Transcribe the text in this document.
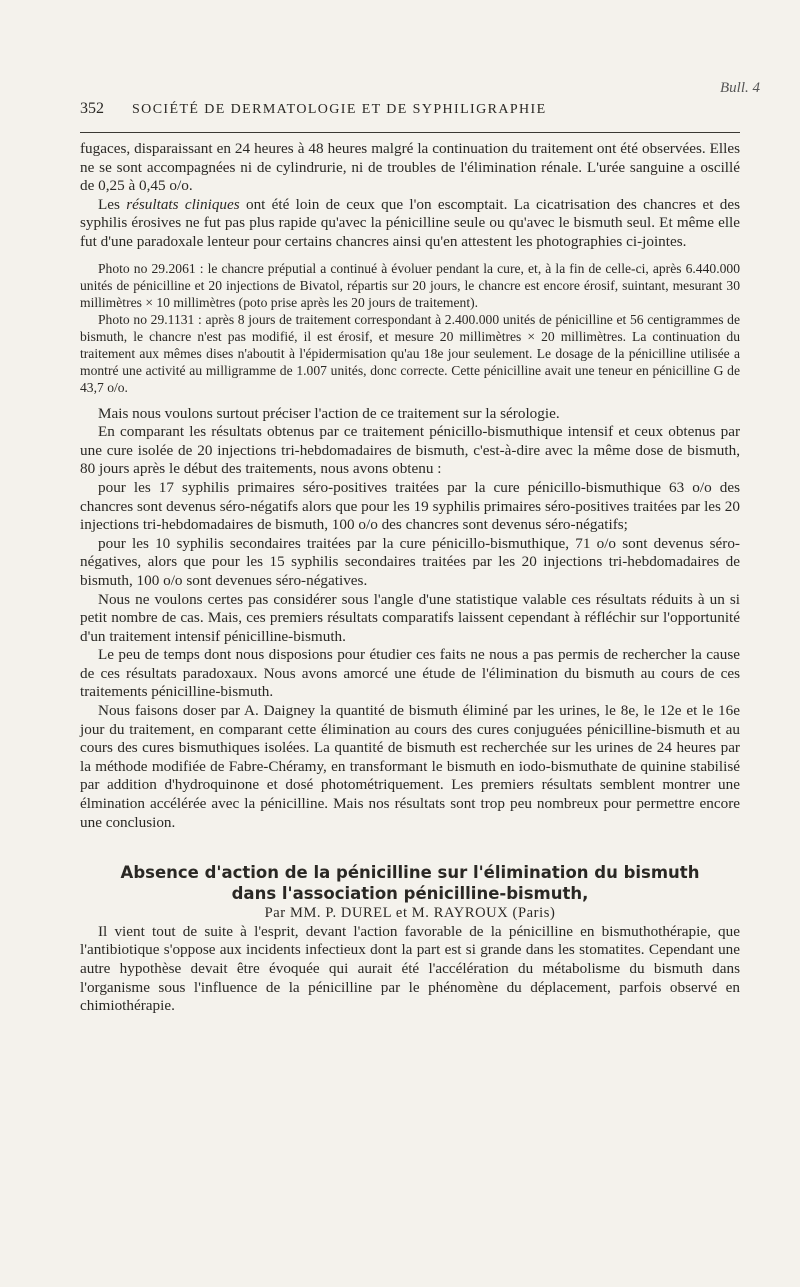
Bull. 4
352 SOCIÉTÉ DE DERMATOLOGIE ET DE SYPHILIGRAPHIE

fugaces, disparaissant en 24 heures à 48 heures malgré la continuation du traitement ont été observées. Elles ne se sont accompagnées ni de cylindrurie, ni de troubles de l'élimination rénale. L'urée sanguine a oscillé de 0,25 à 0,45 o/o.

Les résultats cliniques ont été loin de ceux que l'on escomptait. La cicatrisation des chancres et des syphilis érosives ne fut pas plus rapide qu'avec la pénicilline seule ou qu'avec le bismuth seul. Et même elle fut d'une paradoxale lenteur pour certains chancres ainsi qu'en attestent les photographies ci-jointes.

Photo no 29.2061 : le chancre préputial a continué à évoluer pendant la cure, et, à la fin de celle-ci, après 6.440.000 unités de pénicilline et 20 injections de Bivatol, répartis sur 20 jours, le chancre est encore érosif, suintant, mesurant 30 millimètres × 10 millimètres (poto prise après les 20 jours de traitement).

Photo no 29.1131 : après 8 jours de traitement correspondant à 2.400.000 unités de pénicilline et 56 centigrammes de bismuth, le chancre n'est pas modifié, il est érosif, et mesure 20 millimètres × 20 millimètres. La continuation du traitement aux mêmes dises n'aboutit à l'épidermisation qu'au 18e jour seulement. Le dosage de la pénicilline utilisée a montré une activité au milligramme de 1.007 unités, donc correcte. Cette pénicilline avait une teneur en pénicilline G de 43,7 o/o.

Mais nous voulons surtout préciser l'action de ce traitement sur la sérologie.

En comparant les résultats obtenus par ce traitement pénicillo-bismuthique intensif et ceux obtenus par une cure isolée de 20 injections tri-hebdomadaires de bismuth, c'est-à-dire avec la même dose de bismuth, 80 jours après le début des traitements, nous avons obtenu :

pour les 17 syphilis primaires séro-positives traitées par la cure pénicillo-bismuthique 63 o/o des chancres sont devenus séro-négatifs alors que pour les 19 syphilis primaires séro-positives traitées par les 20 injections tri-hebdomadaires de bismuth, 100 o/o des chancres sont devenus séro-négatifs;

pour les 10 syphilis secondaires traitées par la cure pénicillo-bismuthique, 71 o/o sont devenus séro-négatives, alors que pour les 15 syphilis secondaires traitées par les 20 injections tri-hebdomadaires de bismuth, 100 o/o sont devenues séro-négatives.

Nous ne voulons certes pas considérer sous l'angle d'une statistique valable ces résultats réduits à un si petit nombre de cas. Mais, ces premiers résultats comparatifs laissent cependant à réfléchir sur l'opportunité d'un traitement intensif pénicilline-bismuth.

Le peu de temps dont nous disposions pour étudier ces faits ne nous a pas permis de rechercher la cause de ces résultats paradoxaux. Nous avons amorcé une étude de l'élimination du bismuth au cours de ces traitements pénicilline-bismuth.

Nous faisons doser par A. Daigney la quantité de bismuth éliminé par les urines, le 8e, le 12e et le 16e jour du traitement, en comparant cette élimination au cours des cures conjuguées pénicilline-bismuth et au cours des cures bismuthiques isolées. La quantité de bismuth est recherchée sur les urines de 24 heures par la méthode modifiée de Fabre-Chéramy, en transformant le bismuth en iodo-bismuthate de quinine stabilisé par addition d'hydroquinone et dosé photométriquement. Les premiers résultats semblent montrer une élmination accélérée avec la pénicilline. Mais nos résultats sont trop peu nombreux pour permettre encore une conclusion.

Absence d'action de la pénicilline sur l'élimination du bismuth
dans l'association pénicilline-bismuth,

Par MM. P. DUREL et M. RAYROUX (Paris)

Il vient tout de suite à l'esprit, devant l'action favorable de la pénicilline en bismuthothérapie, que l'antibiotique s'oppose aux incidents infectieux dont la part est si grande dans les stomatites. Cependant une autre hypothèse devait être évoquée qui aurait été l'accélération du métabolisme du bismuth dans l'organisme sous l'influence de la pénicilline par le phénomène du déplacement, parfois observé en chimiothérapie.
